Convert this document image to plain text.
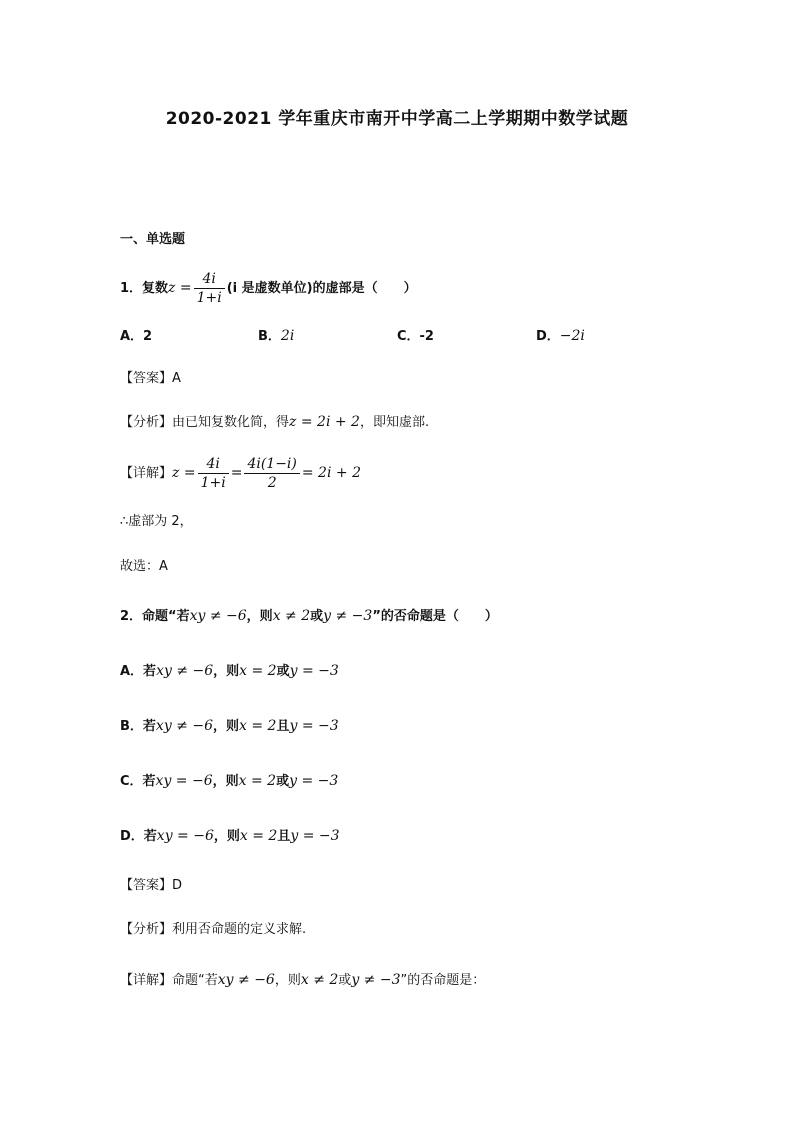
2020-2021 学年重庆市南开中学高二上学期期中数学试题
一、单选题
1．复数$z = \frac{4i}{1+i} (i$ 是虚数单位)的虚部是（　　）
A．2	B．2i	C．-2	D．−2i
【答案】A
【分析】由已知复数化简，得z = 2i + 2，即知虚部.
【详解】$z = \frac{4i}{1+i} = \frac{4i(1-i)}{2} = 2i + 2$
∴虚部为 2，
故选：A
2．命题“若xy ≠ −6，则x ≠ 2或y ≠ −3”的否命题是（　　）
A．若xy ≠ −6，则x = 2或y = −3
B．若xy ≠ −6，则x = 2且y = −3
C．若xy = −6，则x = 2或y = −3
D．若xy = −6，则x = 2且y = −3
【答案】D
【分析】利用否命题的定义求解.
【详解】命题“若xy ≠ −6，则x ≠ 2或y ≠ −3”的否命题是：
